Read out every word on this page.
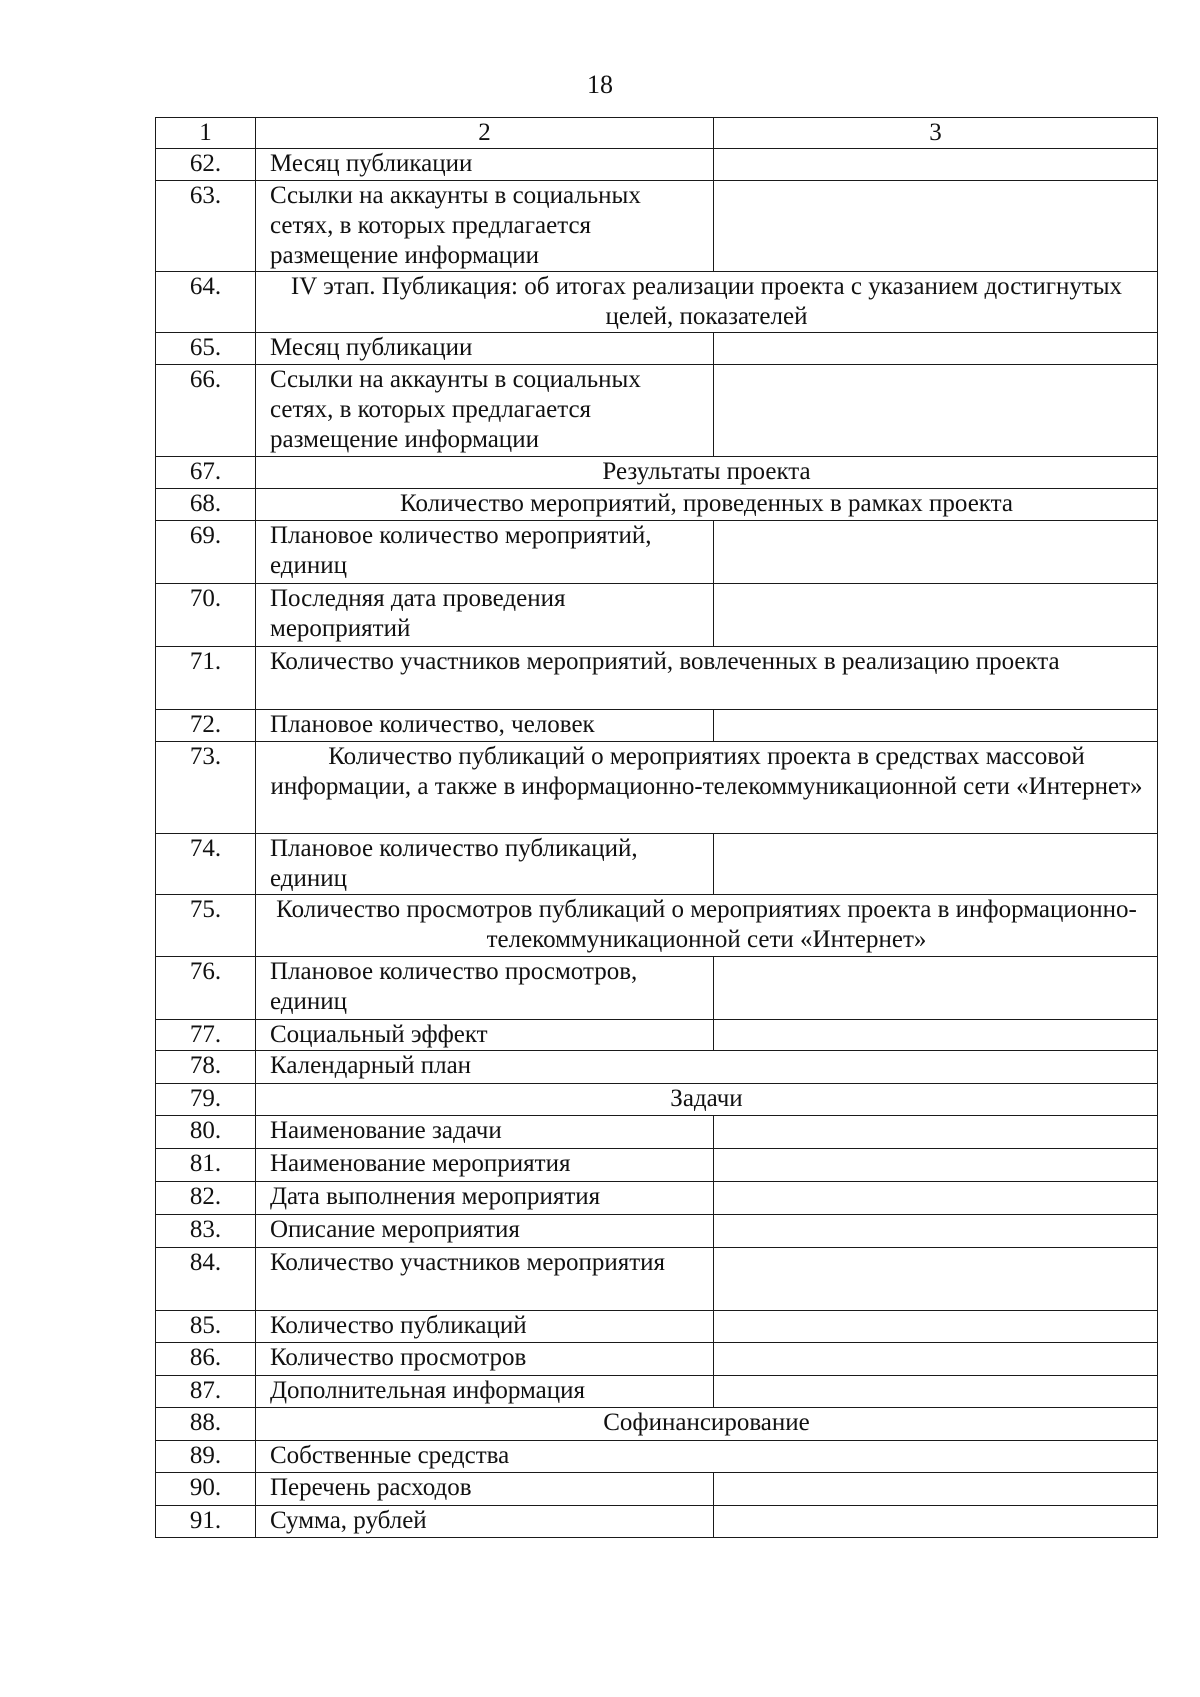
18
1	2	3
62.	Месяц публикации	
63.	Ссылки на аккаунты в социальных сетях, в которых предлагается размещение информации	
64.	IV этап. Публикация: об итогах реализации проекта с указанием достигнутых целей, показателей	
65.	Месяц публикации	
66.	Ссылки на аккаунты в социальных сетях, в которых предлагается размещение информации	
67.	Результаты проекта	
68.	Количество мероприятий, проведенных в рамках проекта	
69.	Плановое количество мероприятий, единиц	
70.	Последняя дата проведения мероприятий	
71.	Количество участников мероприятий, вовлеченных в реализацию проекта	
72.	Плановое количество, человек	
73.	Количество публикаций о мероприятиях проекта в средствах массовой информации, а также в информационно-телекоммуникационной сети «Интернет»	
74.	Плановое количество публикаций, единиц	
75.	Количество просмотров публикаций о мероприятиях проекта в информационно-телекоммуникационной сети «Интернет»	
76.	Плановое количество просмотров, единиц	
77.	Социальный эффект	
78.	Календарный план	
79.	Задачи	
80.	Наименование задачи	
81.	Наименование мероприятия	
82.	Дата выполнения мероприятия	
83.	Описание мероприятия	
84.	Количество участников мероприятия	
85.	Количество публикаций	
86.	Количество просмотров	
87.	Дополнительная информация	
88.	Софинансирование	
89.	Собственные средства	
90.	Перечень расходов	
91.	Сумма, рублей	
